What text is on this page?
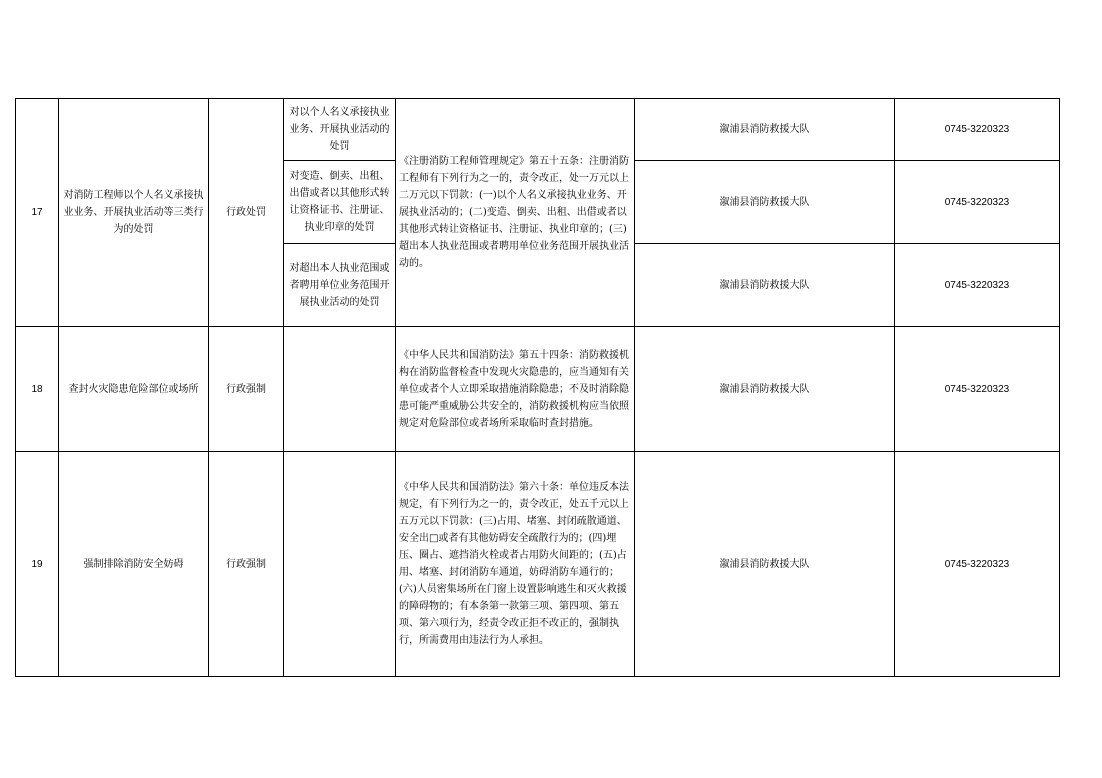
17	对消防工程师以个人名义承接执业业务、开展执业活动等三类行为的处罚	行政处罚	对以个人名义承接执业业务、开展执业活动的处罚	《注册消防工程师管理规定》第五十五条：注册消防工程师有下列行为之一的，责令改正，处一万元以上二万元以下罚款：(一)以个人名义承接执业业务、开展执业活动的；(二)变造、倒卖、出租、出借或者以其他形式转让资格证书、注册证、执业印章的；(三)超出本人执业范围或者聘用单位业务范围开展执业活动的。	溆浦县消防救援大队	0745-3220323
			对变造、倒卖、出租、出借或者以其他形式转让资格证书、注册证、执业印章的处罚		溆浦县消防救援大队	0745-3220323
			对超出本人执业范围或者聘用单位业务范围开展执业活动的处罚		溆浦县消防救援大队	0745-3220323
18	查封火灾隐患危险部位或场所	行政强制		《中华人民共和国消防法》第五十四条：消防救援机构在消防监督检查中发现火灾隐患的，应当通知有关单位或者个人立即采取措施消除隐患；不及时消除隐患可能严重威胁公共安全的，消防救援机构应当依照规定对危险部位或者场所采取临时查封措施。	溆浦县消防救援大队	0745-3220323
19	强制排除消防安全妨碍	行政强制		《中华人民共和国消防法》第六十条：单位违反本法规定，有下列行为之一的，责令改正，处五千元以上五万元以下罚款：(三)占用、堵塞、封闭疏散通道、安全出□或者有其他妨碍安全疏散行为的；(四)埋压、圈占、遮挡消火栓或者占用防火间距的；(五)占用、堵塞、封闭消防车通道，妨碍消防车通行的；(六)人员密集场所在门窗上设置影响逃生和灭火救援的障碍物的；有本条第一款第三项、第四项、第五项、第六项行为，经责令改正拒不改正的，强制执行，所需费用由违法行为人承担。	溆浦县消防救援大队	0745-3220323
